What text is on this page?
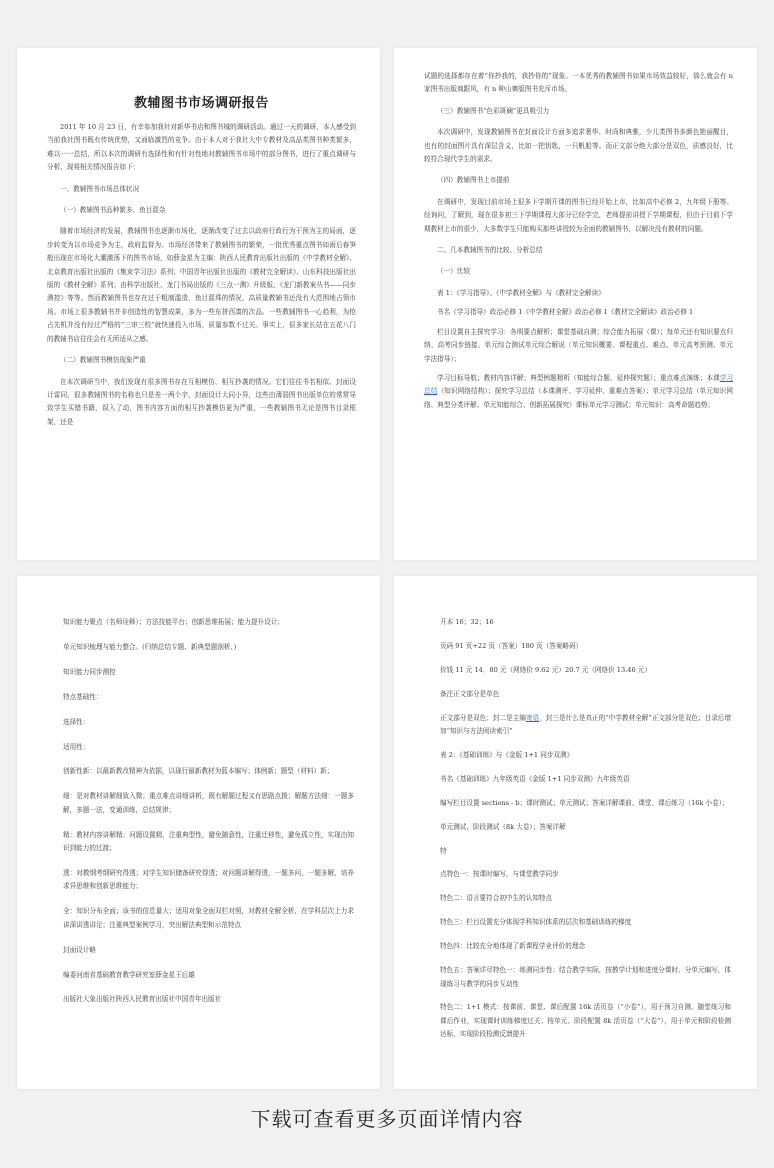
教辅图书市场调研报告

2011 年 10 月 23 日，有幸参加我社对新华书店和图书城的调研活动。通过一天的调研，本人感受到当前我社图书既有传统优势，又面临激烈的竞争。由于本人对于我社大中专教材及高品类图书种类繁多，难以一一总结，所以本次的调研有选择性和有针对性地对教辅图书市场中的部分图书，进行了重点调研与分析，现将相关情况报告如下：

一、教辅图书市场总体状况

（一）教辅图书品种繁多、鱼目混杂

随着市场经济的发展，教辅图书也逐渐市场化，逐渐改变了过去以政府行政行为干预为主的局面，逐步转变为以市场竞争为主，政府监督为。市场经济带来了教辅图书的繁荣，一批优秀重点图书如雨后春笋般出现在市场化大潮激荡下的图书市场，如薛金星为主编：陕西人民教育出版社出版的《中学教材全解》、北京教育出版社出版的《集束学习法》系列；中国青年出版社出版的《教材完全解读》、山东科技出版社出版的《教材全解》系列；由科学出版社、龙门书局出版的《三点一测》升级版、《龙门新教案丛书——同步测控》等等。然而教辅图书也存在过于粗制滥造、鱼目混珠的情况，高质量教辅书还没有大范围地占领市场。市场上很多教辅书并非创造性的智慧成果，多为一些东拼西凑的次品。一些教辅图书一心趋利，为抢占先机并没有经过严格的“三审三校”就快速投入市场，质量参数不过关。事实上，很多家长站在五花八门的教辅书店往往会有无所适从之感。

（二）教辅图书模仿现象严重

在本次调研当中，我们发现有很多图书存在互相模仿、相互抄袭的情况。它们往往书名相似、封面设计雷同，很多教辅图书的名称也只是差一两个字，封面设计大同小异，这些由薄弱图书出版单位的常常导致学生买错书籍，误入了动，图书内容方面的相互抄袭模仿更为严重，一些教辅图书无论是图书目录框架，还是

试题的选择都存在着“你抄我的，我抄你的”现象。一本优秀的教辅图书如果市场效益较好，那么就会有 n 家图书出版商跟风，有 n 种山寨版图书充斥市场。

（三）教辅图书“色彩斑斓”更具吸引力

本次调研中，发现教辅图书在封面设计方面多追求奢华、时尚和典雅，少儿类图书多颜色艳丽醒目，也有的封面图片具有深层含义，比如一把钥匙，一只帆船等。而正文部分绝大部分是双色，质感良好，比较符合现代学生的需求。

（四）教辅图书上市提前

在调研中，发现目前市场上很多下学期开课的图书已经开始上市，比如高中必修 2，九年级下册等。经询问，了解到，现在很多初三下学期课程大部分已经学完，老师提前讲授下学期课程，但由于目前下学期教材上市的很少，大多数学生只能购买那些讲授较为全面的教辅图书，以解决没有教材的问题。

二、几本教辅图书的比较、分析总结

（一）比较

表 1：《学习指导》、《中学教材全解》与《教材完全解读》

书名《学习指导》政治必修 1《中学教材全解》政治必修 1《教材完全解读》政治必修 1

栏目设置自主探究学习：各明要点解析；课堂基础自测；综合能力拓展（课）；每单元还有知识要点归纳、高考同步链接、单元综合测试单元综合解说（单元知识概要、课程重点、难点、单元高考预测、单元学法指导）；

学习目标导航；教材内容详解；典型例题精析（知能综合题、延伸探究题）；重点难点演练；本课学习总结（知识网络结构）；探究学习总结（本课测评、学习延伸、重难点答案）；单元学习总结（单元知识网络、典型分类评解、单元知能综合、创新拓展探究）课标单元学习测试；单元知识：高考命题趋势；

知识能力聚点（名师诠释）；方法技能平台；创新思维拓展；能力提升设计；

单元知识梳理与能力整合。(归纳总结专题、新典型题剖析、)

知识能力同步测控

特点基础性：

选择性：

适用性：

创新性新：以最新教改精神为依据，以现行最新教材为蓝本编写；体例新；题型（材料）新；

细：是对教材讲解细致入微；重点难点讲细讲析，既有解题过程又有思路点拨；解题方法细：一题多解，多题一法，变通训练，总结规律；

精：教材内容讲解精；问题设置精，注重典型性，避免随意性，注重迁移性，避免孤立性，实现由知识到能力的过渡；

透：对教纲考纲研究得透；对学生知识储备研究得透；对问题讲解得透，一题多问，一题多解，培养求异思维和创新思维能力；

全：知识分布全面；该书的信息量大；适用对象全面双栏对照，对教材全解全析，在学科层次上力求讲深讲透讲足；注重典型案例学习，突出解法典型和示范特点

封面设计略

编委河南省基础教育教学研究室薛金星王后雄

出版社大象出版社陕西人民教育出版社中国青年出版社

开本 16；32；16

页码 91 页+22 页（答案）180 页（答案略码）

价钱 11 元 14．80 元（网络价 9.62 元）20.7 元（网络价 13.46 元）

备注正文部分是单色

正文部分是双色；封二是主编寄语，封三是什么是真正的“中学教材全解”正文部分是双色；目录后增加“知识与方法阅读索引”

表 2：《基础训练》与《金版 1+1 同步双测》

书名《基础训练》九年级英语《金版 1+1 同步双测》九年级英语

编写栏目设置 sections - b；课时测试；单元测试；答案详解课前、课堂、课后练习（16k 小卷）；

单元测试、阶段测试（8k 大卷）；答案详解

特

点特色一：按课时编写，与课堂教学同步

特色二：语言要符合初中生的认知特点

特色三：栏目设置充分体现学科知识体系的层次和基础训练的梯度

特色四：比较充分地体现了新课程学业评价的理念

特色五：答案详尽特色一：练测同步性：结合教学实际，按教学计划和进度分课时、分单元编写，体现练习与教学的同步互动性

特色二：1+1 模式：按课前、课堂、课后配置 16k 活页卷（“小卷”），用于预习自测、随堂练习和课后作业，实现课时训练梯度过关；按单元、阶段配置 8k 活页卷（“大卷”），用于单元和阶段检测达标，实现阶段检测反馈提升

下载可查看更多页面详情内容
